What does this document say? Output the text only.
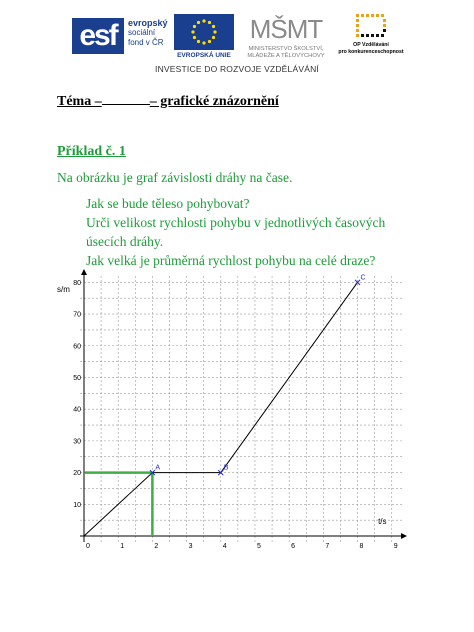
esf	evropský
sociální
fond v ČR
EVROPSKÁ UNIE
MŠMT
MINISTERSTVO ŠKOLSTVÍ,
MLÁDEŽE A TĚLOVÝCHOVY
OP Vzdělávání
pro konkurenceschopnost
INVESTICE DO ROZVOJE VZDĚLÁVÁNÍ
Téma –	– grafické znázornění
Příklad č. 1
Na obrázku je graf závislosti dráhy na čase.
Jak se bude těleso pohybovat?
Urči velikost rychlosti pohybu v jednotlivých časových
úsecích dráhy.
Jak velká je průměrná rychlost pohybu na celé draze?
0	1	2	3	4	5	6	7	8	9
10
20
30
40
50
60
70
80
t/s
s/m
A	B
C
